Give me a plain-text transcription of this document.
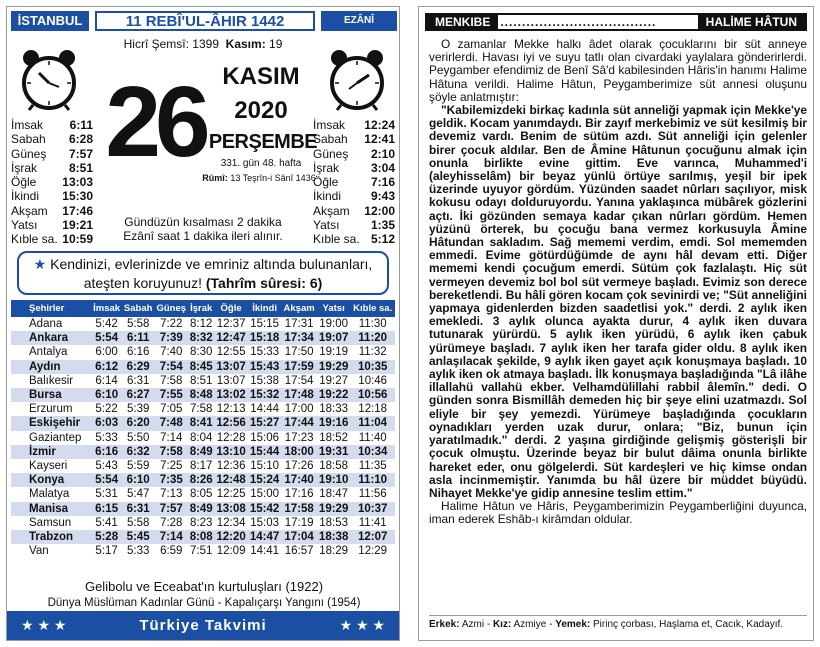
İSTANBUL	11 REBÎ'UL-ÂHIR 1442	EZÂNÎ (MAHALLÎ)
Hicrî Şemsî: 1399 Kasım: 19
26 KASIM
2020
PERŞEMBE
331. gün 48. hafta
Rûmî: 13 Teşrîn-i Sânî 1436
İmsak 6:11
Sabah 6:28
Güneş 7:57
İşrak	8:51
Öğle 13:03
İkindi 15:30
Akşam 17:46
Yatsı 19:21
Kıble sa. 10:59
İmsak 12:24
Sabah 12:41
Güneş 2:10
İşrak	3:04
Öğle	7:16
İkindi 9:43
Akşam 12:00
Yatsı	1:35
Kıble sa. 5:12
Gündüzün kısalması 2 dakika
Ezânî saat 1 dakika ileri alınır.
★ Kendinizi, evlerinizde ve emriniz altında bulunanları, ateşten koruyunuz! (Tahrîm sûresi: 6)
Şehirler	İmsak	Sabah	Güneş	İşrak	Öğle	İkindi	Akşam	Yatsı	Kıble sa.
Adana	5:42	5:58	7:22	8:12	12:37	15:15	17:31	19:00	11:30
Ankara	5:54	6:11	7:39	8:32	12:47	15:18	17:34	19:07	11:20
Antalya	6:00	6:16	7:40	8:30	12:55	15:33	17:50	19:19	11:32
Aydın	6:12	6:29	7:54	8:45	13:07	15:43	17:59	19:29	10:35
Balıkesir	6:14	6:31	7:58	8:51	13:07	15:38	17:54	19:27	10:46
Bursa	6:10	6:27	7:55	8:48	13:02	15:32	17:48	19:22	10:56
Erzurum	5:22	5:39	7:05	7:58	12:13	14:44	17:00	18:33	12:18
Eskişehir	6:03	6:20	7:48	8:41	12:56	15:27	17:44	19:16	11:04
Gaziantep	5:33	5:50	7:14	8:04	12:28	15:06	17:23	18:52	11:40
İzmir	6:16	6:32	7:58	8:49	13:10	15:44	18:00	19:31	10:34
Kayseri	5:43	5:59	7:25	8:17	12:36	15:10	17:26	18:58	11:35
Konya	5:54	6:10	7:35	8:26	12:48	15:24	17:40	19:10	11:10
Malatya	5:31	5:47	7:13	8:05	12:25	15:00	17:16	18:47	11:56
Manisa	6:15	6:31	7:57	8:49	13:08	15:42	17:58	19:29	10:37
Samsun	5:41	5:58	7:28	8:23	12:34	15:03	17:19	18:53	11:41
Trabzon	5:28	5:45	7:14	8:08	12:20	14:47	17:04	18:38	12:07
Van	5:17	5:33	6:59	7:51	12:09	14:41	16:57	18:29	12:29
Gelibolu ve Eceabat'ın kurtuluşları (1922)
Dünya Müslüman Kadınlar Günü - Kapalıçarşı Yangını (1954)
★ ★ ★	Türkiye Takvimi	★ ★ ★
MENKIBE ....................................	HALİME HÂTUN

O zamanlar Mekke halkı âdet olarak çocuklarını bir süt anneye verirlerdi. Havası iyi ve suyu tatlı olan civardaki yaylalara gönderirlerdi. Peygamber efendimiz de Benî Sâ'd kabilesinden Hâris'in hanımı Halime Hâtuna verildi. Halime Hâtun, Peygamberimize süt annesi oluşunu şöyle anlatmıştır:

"Kabilemizdeki birkaç kadınla süt anneliği yapmak için Mekke'ye geldik. Kocam yanımdaydı. Bir zayıf merkebimiz ve süt kesilmiş bir devemiz vardı. Benim de sütüm azdı. Süt anneliği için gelenler birer çocuk aldılar. Ben de Âmine Hâtunun çocuğunu almak için onunla birlikte evine gittim. Eve varınca, Muhammed'i (aleyhisselâm) bir beyaz yünlü örtüye sarılmış, yeşil bir ipek üzerinde uyuyor gördüm. Yüzünden saadet nûrları saçılıyor, misk kokusu odayı dolduruyordu. Yanına yaklaşınca mübârek gözlerini açtı. İki gözünden semaya kadar çıkan nûrları gördüm. Hemen yüzünü örterek, bu çocuğu bana vermez korkusuyla Âmine Hâtundan sakladım. Sağ mememi verdim, emdi. Sol mememden emmedi. Evime götürdüğümde de aynı hâl devam etti. Diğer mememi kendi çocuğum emerdi. Sütüm çok fazlalaştı. Hiç süt vermeyen devemiz bol bol süt vermeye başladı. Evimiz son derece bereketlendi. Bu hâli gören kocam çok sevinirdi ve; "Süt anneliğini yapmaya gidenlerden bizden saadetlisi yok." derdi. 2 aylık iken emekledi. 3 aylık olunca ayakta durur, 4 aylık iken duvara tutunarak yürürdü. 5 aylık iken yürüdü, 6 aylık iken çabuk yürümeye başladı. 7 aylık iken her tarafa gider oldu. 8 aylık iken anlaşılacak şekilde, 9 aylık iken gayet açık konuşmaya başladı. 10 aylık iken ok atmaya başladı. İlk konuşmaya başladığında "Lâ ilâhe illallahü vallahü ekber. Velhamdülillahi rabbil âlemîn." dedi. O günden sonra Bismillâh demeden hiç bir şeye elini uzatmazdı. Sol eliyle bir şey yemezdi. Yürümeye başladığında çocukların oynadıkları yerden uzak durur, onlara; "Biz, bunun için yaratılmadık." derdi. 2 yaşına girdiğinde gelişmiş gösterişli bir çocuk olmuştu. Üzerinde beyaz bir bulut dâima onunla birlikte hareket eder, onu gölgelerdi. Süt kardeşleri ve hiç kimse ondan asla incinmemiştir. Yanımda bu hâl üzere bir müddet büyüdü. Nihayet Mekke'ye gidip annesine teslim ettim."

Halime Hâtun ve Hâris, Peygamberimizin Peygamberliğini duyunca, iman ederek Eshâb-ı kirâmdan oldular.

Erkek: Azmi - Kız: Azmiye - Yemek: Pirinç çorbası, Haşlama et, Cacık, Kadayıf.
